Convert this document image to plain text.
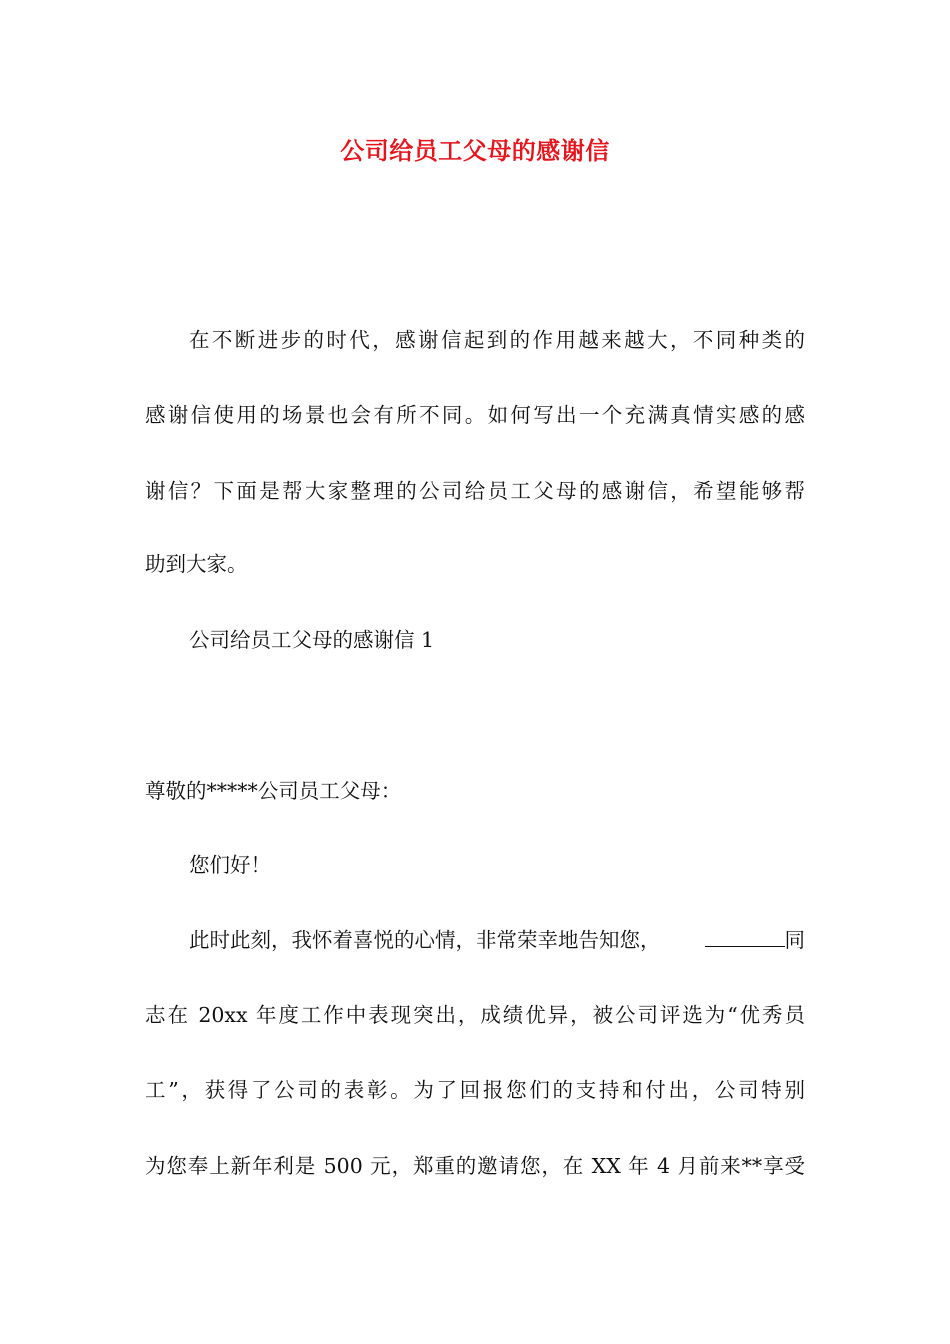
公司给员工父母的感谢信
在不断进步的时代，感谢信起到的作用越来越大，不同种类的
感谢信使用的场景也会有所不同。如何写出一个充满真情实感的感
谢信？下面是帮大家整理的公司给员工父母的感谢信，希望能够帮
助到大家。
公司给员工父母的感谢信 1
尊敬的*****公司员工父母：
您们好！
此时此刻，我怀着喜悦的心情，非常荣幸地告知您，	同
志在 20xx 年度工作中表现突出，成绩优异，被公司评选为“优秀员
工”，获得了公司的表彰。为了回报您们的支持和付出，公司特别
为您奉上新年利是 500 元，郑重的邀请您，在 XX 年 4 月前来**享受
